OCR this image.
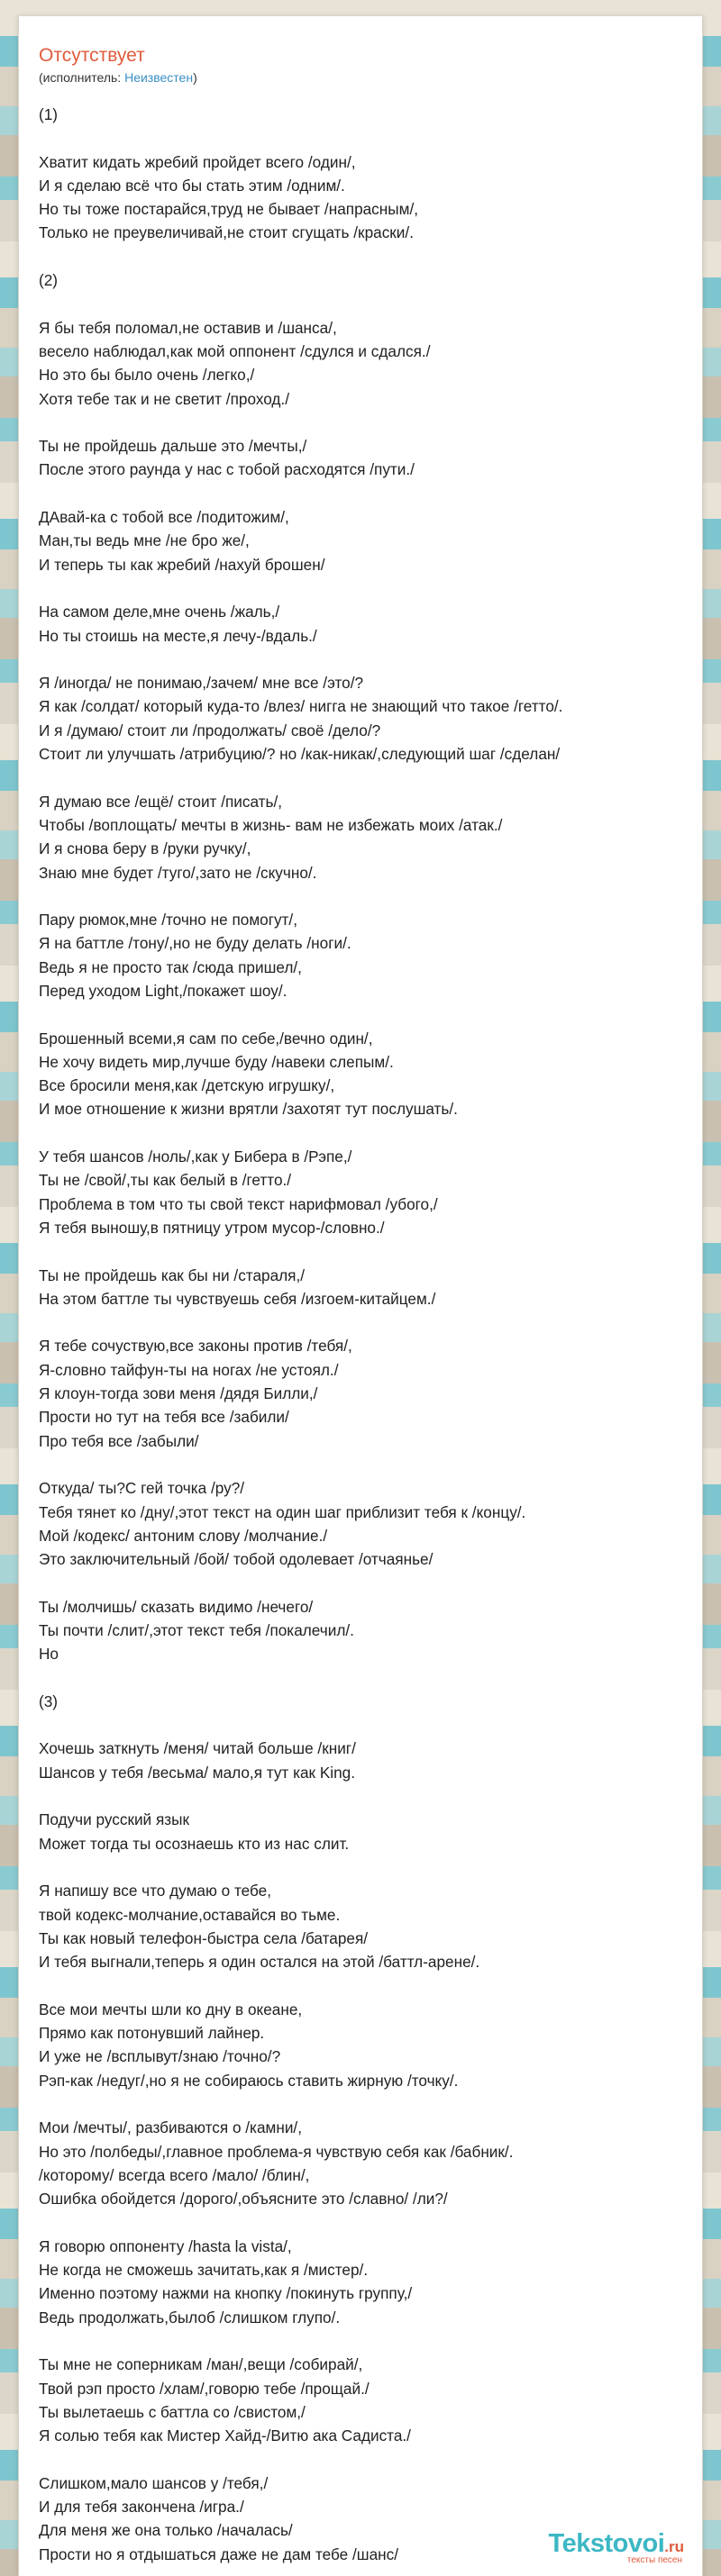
Отсутствует
(исполнитель: Неизвестен)
(1)
Хватит кидать жребий пройдет всего /один/,
И я сделаю всё что бы стать этим /одним/.
Но ты тоже постарайся,труд не бывает /напрасным/,
Только не преувеличивай,не стоит сгущать /краски/.
(2)
Я бы тебя поломал,не оставив и /шанса/,
весело наблюдал,как мой оппонент /сдулся и сдался./
Но это бы было очень /легко,/
Хотя тебе так и не светит /проход./
Ты не пройдешь дальше это /мечты,/
После этого раунда у нас с тобой расходятся /пути./
ДАвай-ка с тобой все /подитожим/,
Ман,ты ведь мне /не бро же/,
И теперь ты как жребий /нахуй брошен/
На самом деле,мне очень /жаль,/
Но ты стоишь на месте,я лечу-/вдаль./
Я /иногда/ не понимаю,/зачем/ мне все /это/?
Я как /солдат/ который куда-то /влез/ нигга не знающий что такое /гетто/.
И я /думаю/ стоит ли /продолжать/ своё /дело/?
Стоит ли улучшать /атрибуцию/? но /как-никак/,следующий шаг /сделан/
Я думаю все /ещё/ стоит /писать/,
Чтобы /воплощать/ мечты в жизнь- вам не избежать моих /атак./
И я снова беру в /руки ручку/,
Знаю мне будет /туго/,зато не /скучно/.
Пару рюмок,мне /точно не помогут/,
Я на баттле /тону/,но не буду делать /ноги/.
Ведь я не просто так /сюда пришел/,
Перед уходом Light,/покажет шоу/.
Брошенный всеми,я сам по себе,/вечно один/,
Не хочу видеть мир,лучше буду /навеки слепым/.
Все бросили меня,как /детскую игрушку/,
И мое отношение к жизни врятли /захотят тут послушать/.
У тебя шансов /ноль/,как у Бибера в /Рэпе,/
Ты не /свой/,ты как белый в /гетто./
Проблема в том что ты свой текст нарифмовал /убого,/
Я тебя выношу,в пятницу утром мусор-/словно./
Ты не пройдешь как бы ни /стараля,/
На этом баттле ты чувствуешь себя /изгоем-китайцем./
Я тебе сочуствую,все законы против /тебя/,
Я-словно тайфун-ты на ногах /не устоял./
Я клоун-тогда зови меня /дядя Билли,/
Прости но тут на тебя все /забили/
Про тебя все /забыли/
Откуда/ ты?С гей точка /ру?/
Тебя тянет ко /дну/,этот текст на один шаг приблизит тебя к /концу/.
Мой /кодекс/ антоним слову /молчание./
Это заключительный /бой/ тобой одолевает /отчаянье/
Ты /молчишь/ сказать видимо /нечего/
Ты почти /слит/,этот текст тебя /покалечил/.
Но
(3)
Хочешь заткнуть /меня/ читай больше /книг/
Шансов у тебя /весьма/ мало,я тут как King.
Подучи русский язык
Может тогда ты осознаешь кто из нас слит.
Я напишу все что думаю о тебе,
твой кодекс-молчание,оставайся во тьме.
Ты как новый телефон-быстра села /батарея/
И тебя выгнали,теперь я один остался на этой /баттл-арене/.
Все мои мечты шли ко дну в океане,
Прямо как потонувший лайнер.
И уже не /всплывут/знаю /точно/?
Рэп-как /недуг/,но я не собираюсь ставить жирную /точку/.
Мои /мечты/, разбиваются о /камни/,
Но это /полбеды/,главное проблема-я чувствую себя как /бабник/.
/которому/ всегда всего /мало/ /блин/,
Ошибка обойдется /дорого/,объясните это /славно/ /ли?/
Я говорю оппоненту /hasta la vista/,
Не когда не сможешь зачитать,как я /мистер/.
Именно поэтому нажми на кнопку /покинуть группу,/
Ведь продолжать,былоб /слишком глупо/.
Ты мне не соперникам /ман/,вещи /собирай/,
Твой рэп просто /хлам/,говорю тебе /прощай./
Ты вылетаешь с баттла со /свистом,/
Я солью тебя как Мистер Хайд-/Витю ака Садиста./
Слишком,мало шансов у /тебя,/
И для тебя закончена /игра./
Для меня же она только /началась/
Прости но я отдышаться даже не дам тебе /шанс/	Tekstovoi.ru
тексты песен
